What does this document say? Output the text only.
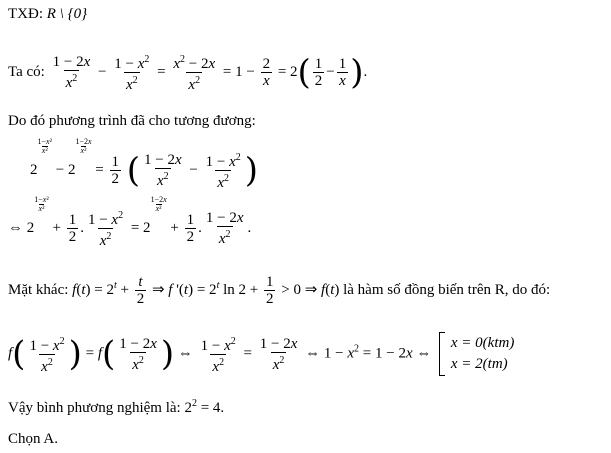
TXĐ: R \ {0}
Ta có: $\frac{1 - 2x}{x^2} - \frac{1 - x^2}{x^2} = \frac{x^2 - 2x}{x^2} = 1 - \frac{2}{x} = 2( \frac{1}{2} - \frac{1}{x}$ ).
Do đó phương trình đã cho tương đương:
2
$\frac{\text{1−x²}}{\text{x²}}$
− 2
$\frac{1-2x}{\text{x²}}$
= $\frac{1}{2}$ ( $\frac{1 - 2x}{x^2} - \frac{1 - x^2}{x^2}$ )
⇔ 2
$\frac{\text{1−x²}}{\text{x²}}$
+ $\frac{1}{2}$ . $\frac{1 - x^2}{x^2} = 2$
$\frac{1-2x}{\text{x²}}$
+ $\frac{1}{2}$ . $\frac{1 - 2x}{x^2}$ .
Mặt khác: $f(t) = 2^t + \frac{t}{2}$ ⇒ f '$(t) = 2^t$ $\ln 2 + \frac{1}{2} > 0$ ⇒ f(t) là hàm số đồng biến trên R, do đó:
$f( \frac{1 - x^2}{x^2}$ ) = $f( \frac{1 - 2x}{x^2}$ ) ⇔ $\frac{1 - x^2}{x^2} = \frac{1 - 2x}{x^2}$ ⇔ $1 - x^2 = 1 - 2x$ ⇔
x = 0(ktm)
x = 2(tm)
Vậy bình phương nghiệm là: $2^2 = 4$.
Chọn A.
